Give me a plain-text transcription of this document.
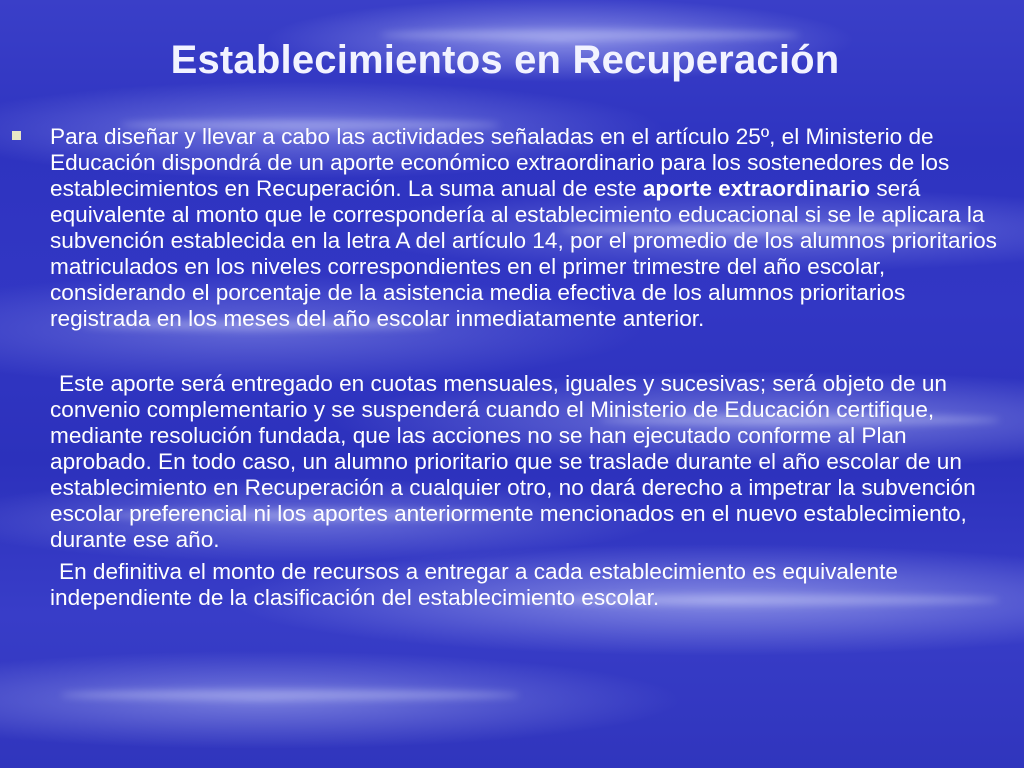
Establecimientos en Recuperación

Para diseñar y llevar a cabo las actividades señaladas en el artículo 25º, el Ministerio de Educación dispondrá de un aporte económico extraordinario para los sostenedores de los establecimientos en Recuperación. La suma anual de este aporte extraordinario será equivalente al monto que le correspondería al establecimiento educacional si se le aplicara la subvención establecida en la letra A del artículo 14, por el promedio de los alumnos prioritarios matriculados en los niveles correspondientes en el primer trimestre del año escolar, considerando el porcentaje de la asistencia media efectiva de los alumnos prioritarios registrada en los meses del año escolar inmediatamente anterior.

Este aporte será entregado en cuotas mensuales, iguales y sucesivas; será objeto de un convenio complementario y se suspenderá cuando el Ministerio de Educación certifique, mediante resolución fundada, que las acciones no se han ejecutado conforme al Plan aprobado. En todo caso, un alumno prioritario que se traslade durante el año escolar de un establecimiento en Recuperación a cualquier otro, no dará derecho a impetrar la subvención escolar preferencial ni los aportes anteriormente mencionados en el nuevo establecimiento, durante ese año.

En definitiva el monto de recursos a entregar a cada establecimiento es equivalente independiente de la clasificación del establecimiento escolar.
